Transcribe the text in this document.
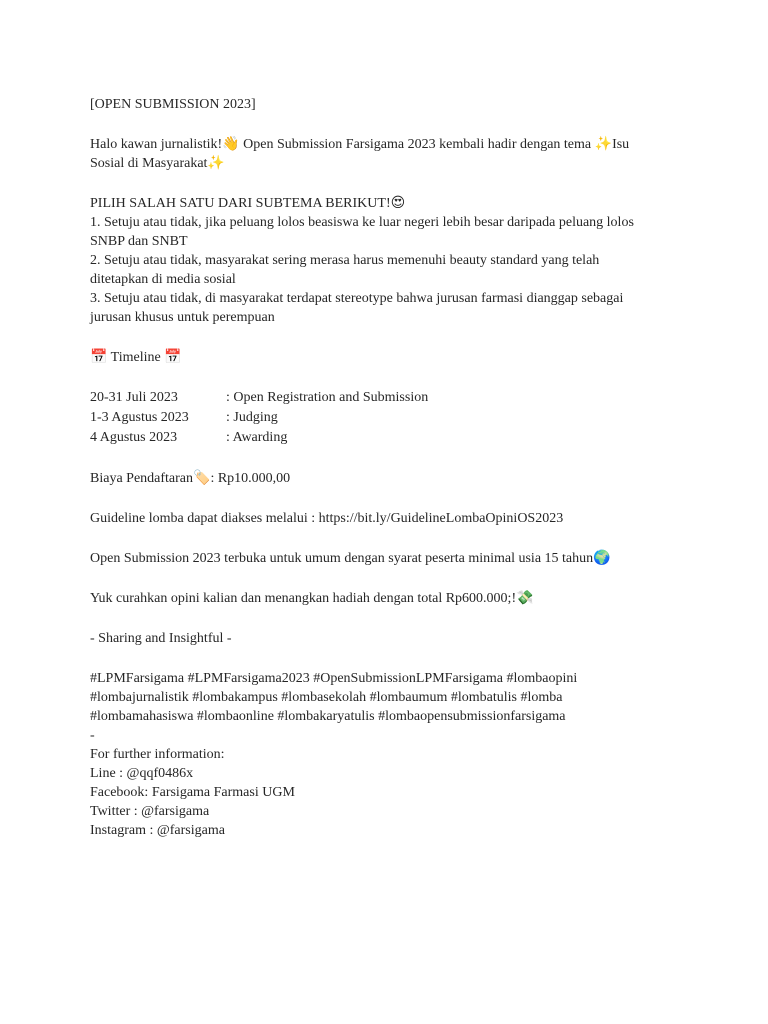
[OPEN SUBMISSION 2023]
Halo kawan jurnalistik!👋 Open Submission Farsigama 2023 kembali hadir dengan tema ✨Isu
Sosial di Masyarakat✨
PILIH SALAH SATU DARI SUBTEMA BERIKUT!😍
1. Setuju atau tidak, jika peluang lolos beasiswa ke luar negeri lebih besar daripada peluang lolos
SNBP dan SNBT
2. Setuju atau tidak, masyarakat sering merasa harus memenuhi beauty standard yang telah
ditetapkan di media sosial
3. Setuju atau tidak, di masyarakat terdapat stereotype bahwa jurusan farmasi dianggap sebagai
jurusan khusus untuk perempuan
📅 Timeline 📅
20-31 Juli 2023	: Open Registration and Submission
1-3 Agustus 2023	: Judging
4 Agustus 2023	: Awarding
Biaya Pendaftaran🏷️: Rp10.000,00
Guideline lomba dapat diakses melalui : https://bit.ly/GuidelineLombaOpiniOS2023
Open Submission 2023 terbuka untuk umum dengan syarat peserta minimal usia 15 tahun🌍
Yuk curahkan opini kalian dan menangkan hadiah dengan total Rp600.000;!💸
- Sharing and Insightful -
#LPMFarsigama #LPMFarsigama2023 #OpenSubmissionLPMFarsigama #lombaopini
#lombajurnalistik #lombakampus #lombasekolah #lombaumum #lombatulis #lomba
#lombamahasiswa #lombaonline #lombakaryatulis #lombaopensubmissionfarsigama
-
For further information:
Line : @qqf0486x
Facebook: Farsigama Farmasi UGM
Twitter : @farsigama
Instagram : @farsigama
